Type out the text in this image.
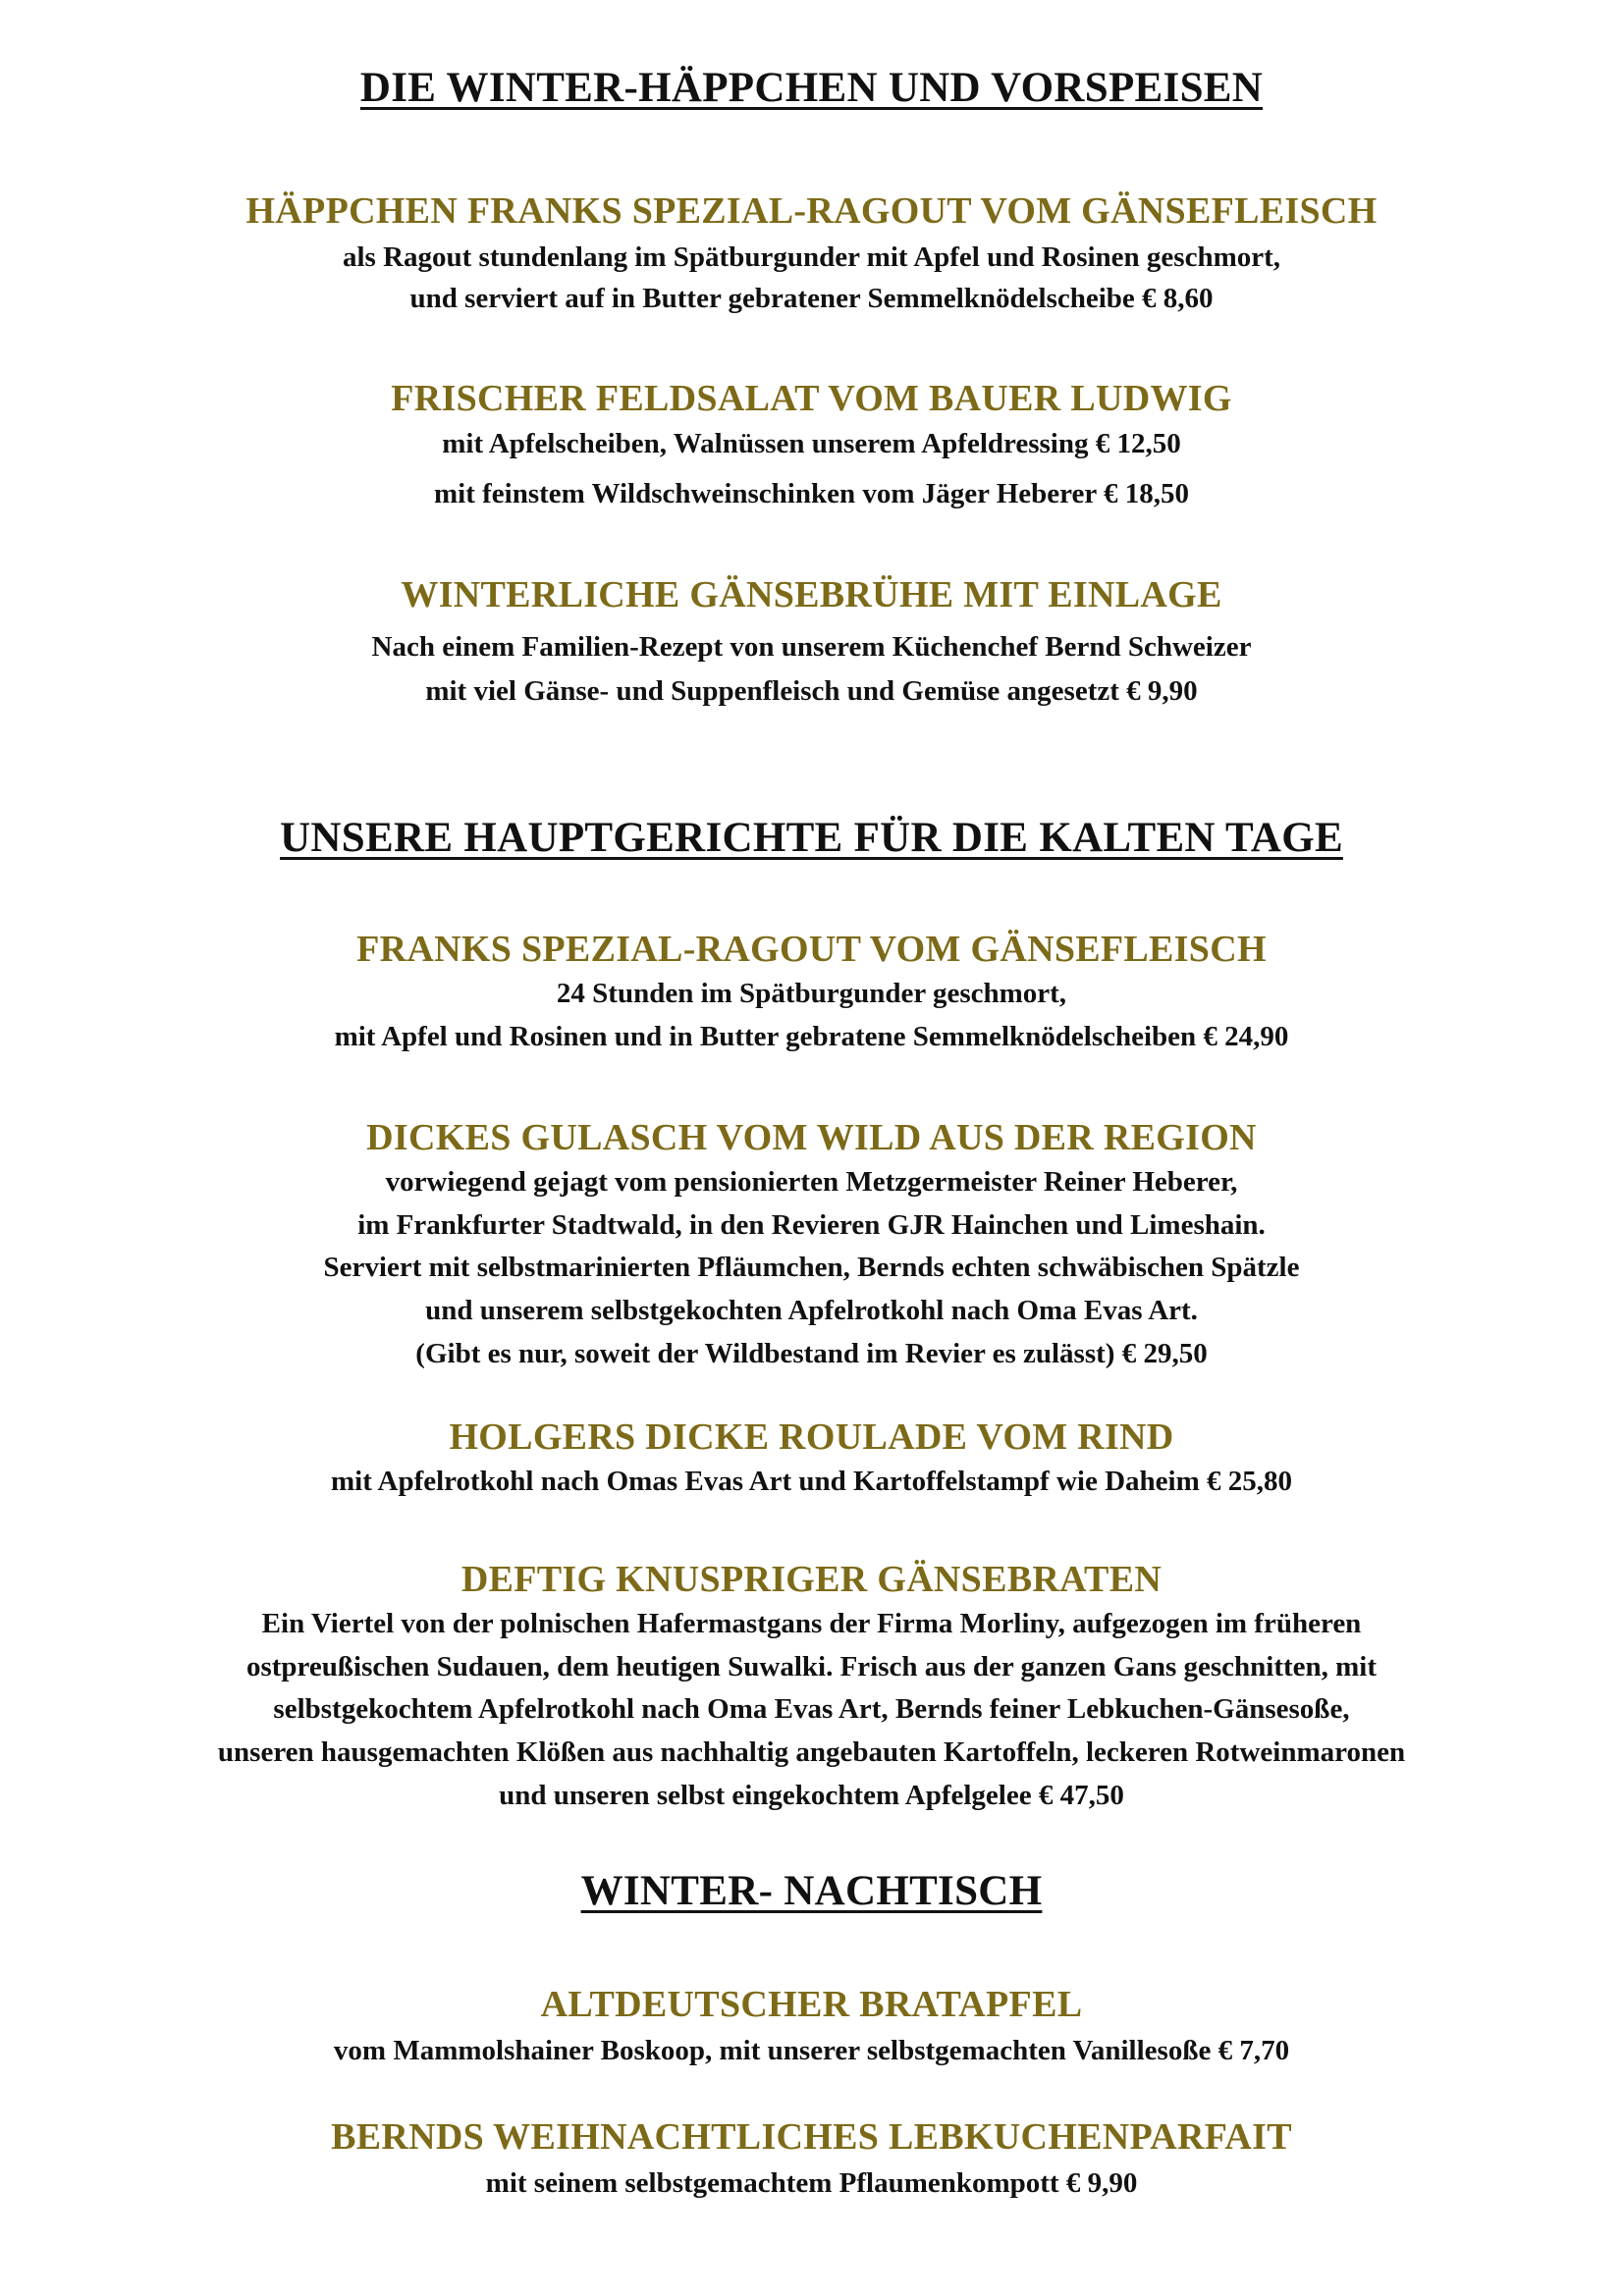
DIE WINTER-HÄPPCHEN UND VORSPEISEN
HÄPPCHEN FRANKS SPEZIAL-RAGOUT VOM GÄNSEFLEISCH

als Ragout stundenlang im Spätburgunder mit Apfel und Rosinen geschmort,

und serviert auf in Butter gebratener Semmelknödelscheibe € 8,60

FRISCHER FELDSALAT VOM BAUER LUDWIG

mit Apfelscheiben, Walnüssen unserem Apfeldressing € 12,50

mit feinstem Wildschweinschinken vom Jäger Heberer € 18,50

WINTERLICHE GÄNSEBRÜHE MIT EINLAGE

Nach einem Familien-Rezept von unserem Küchenchef Bernd Schweizer

mit viel Gänse- und Suppenfleisch und Gemüse angesetzt € 9,90

UNSERE HAUPTGERICHTE FÜR DIE KALTEN TAGE
FRANKS SPEZIAL-RAGOUT VOM GÄNSEFLEISCH

24 Stunden im Spätburgunder geschmort,

mit Apfel und Rosinen und in Butter gebratene Semmelknödelscheiben € 24,90

DICKES GULASCH VOM WILD AUS DER REGION

vorwiegend gejagt vom pensionierten Metzgermeister Reiner Heberer,

im Frankfurter Stadtwald, in den Revieren GJR Hainchen und Limeshain.

Serviert mit selbstmarinierten Pfläumchen, Bernds echten schwäbischen Spätzle

und unserem selbstgekochten Apfelrotkohl nach Oma Evas Art.

(Gibt es nur, soweit der Wildbestand im Revier es zulässt) € 29,50

HOLGERS DICKE ROULADE VOM RIND

mit Apfelrotkohl nach Omas Evas Art und Kartoffelstampf wie Daheim € 25,80

DEFTIG KNUSPRIGER GÄNSEBRATEN

Ein Viertel von der polnischen Hafermastgans der Firma Morliny, aufgezogen im früheren

ostpreußischen Sudauen, dem heutigen Suwalki. Frisch aus der ganzen Gans geschnitten, mit

selbstgekochtem Apfelrotkohl nach Oma Evas Art, Bernds feiner Lebkuchen-Gänsesoße,

unseren hausgemachten Klößen aus nachhaltig angebauten Kartoffeln, leckeren Rotweinmaronen

und unseren selbst eingekochtem Apfelgelee € 47,50

WINTER- NACHTISCH
ALTDEUTSCHER BRATAPFEL

vom Mammolshainer Boskoop, mit unserer selbstgemachten Vanillesoße € 7,70

BERNDS WEIHNACHTLICHES LEBKUCHENPARFAIT

mit seinem selbstgemachtem Pflaumenkompott € 9,90
